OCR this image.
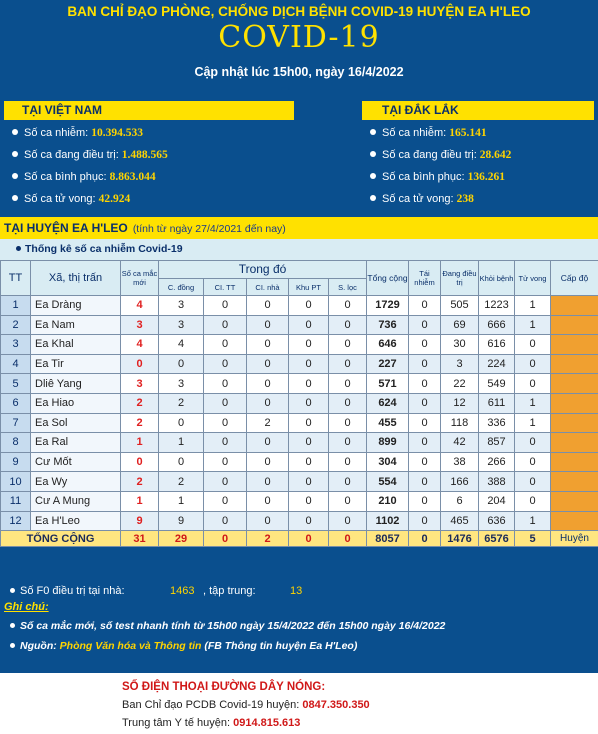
BAN CHỈ ĐẠO PHÒNG, CHỐNG DỊCH BỆNH COVID-19 HUYỆN EA H'LEO
COVID-19
Cập nhật lúc 15h00, ngày 16/4/2022
TẠI VIỆT NAM
Số ca nhiễm: 10.394.533
Số ca đang điều trị: 1.488.565
Số ca bình phục: 8.863.044
Số ca tử vong: 42.924
TẠI ĐẮK LẮK
Số ca nhiễm: 165.141
Số ca đang điều trị: 28.642
Số ca bình phục: 136.261
Số ca tử vong: 238
TẠI HUYỆN EA H'LEO (tính từ ngày 27/4/2021 đến nay)
Thống kê số ca nhiễm Covid-19
TT	Xã, thị trấn	Số ca mắc mới	Trong đó					Tổng cộng	Tái nhiễm	Đang điều trị	Khỏi bệnh	Tử vong	Cấp độ
			C. đồng	CI. TT	CI. nhà	Khu PT	S. lọc						
1	Ea Dràng	4	3	0	0	0	0	1729	0	505	1223	1	
2	Ea Nam	3	3	0	0	0	0	736	0	69	666	1	
3	Ea Khal	4	4	0	0	0	0	646	0	30	616	0	
4	Ea Tir	0	0	0	0	0	0	227	0	3	224	0	
5	Dliê Yang	3	3	0	0	0	0	571	0	22	549	0	
6	Ea Hiao	2	2	0	0	0	0	624	0	12	611	1	
7	Ea Sol	2	0	0	2	0	0	455	0	118	336	1	
8	Ea Ral	1	1	0	0	0	0	899	0	42	857	0	
9	Cư Mốt	0	0	0	0	0	0	304	0	38	266	0	
10	Ea Wy	2	2	0	0	0	0	554	0	166	388	0	
11	Cư A Mung	1	1	0	0	0	0	210	0	6	204	0	
12	Ea H'Leo	9	9	0	0	0	0	1102	0	465	636	1	
TỔNG CỘNG		31	29	0	2	0	0	8057	0	1476	6576	5	Huyện
Số F0 điều trị tại nhà:	1463 , tập trung:	13
Ghi chú:
Số ca mắc mới, số test nhanh tính từ 15h00 ngày 15/4/2022 đến 15h00 ngày 16/4/2022
Nguồn: Phòng Văn hóa và Thông tin (FB Thông tin huyện Ea H'Leo)
SỐ ĐIỆN THOẠI ĐƯỜNG DÂY NÓNG:
Ban Chỉ đạo PCDB Covid-19 huyện: 0847.350.350
Trung tâm Y tế huyện: 0914.815.613
